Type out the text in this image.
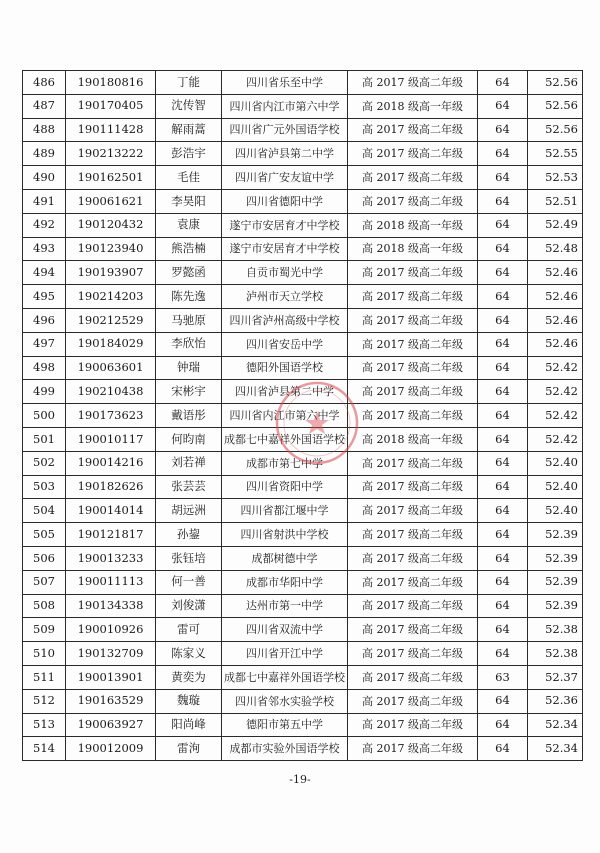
486	190180816	丁能	四川省乐至中学	高 2017 级高二年级	64	52.56
487	190170405	沈传智	四川省内江市第六中学	高 2018 级高一年级	64	52.56
488	190111428	解雨蒿	四川省广元外国语学校	高 2017 级高二年级	64	52.56
489	190213222	彭浩宇	四川省泸县第二中学	高 2017 级高二年级	64	52.55
490	190162501	毛佳	四川省广安友谊中学	高 2017 级高二年级	64	52.53
491	190061621	李昊阳	四川省德阳中学	高 2017 级高二年级	64	52.51
492	190120432	袁康	遂宁市安居育才中学校	高 2018 级高一年级	64	52.49
493	190123940	熊浩楠	遂宁市安居育才中学校	高 2018 级高一年级	64	52.48
494	190193907	罗懿函	自贡市蜀光中学	高 2017 级高二年级	64	52.46
495	190214203	陈先逸	泸州市天立学校	高 2017 级高二年级	64	52.46
496	190212529	马驰原	四川省泸州高级中学校	高 2017 级高二年级	64	52.46
497	190184029	李欣怡	四川省安岳中学	高 2017 级高二年级	64	52.46
498	190063601	钟瑞	德阳外国语学校	高 2017 级高二年级	64	52.42
499	190210438	宋彬宇	四川省泸县第二中学	高 2017 级高二年级	64	52.42
500	190173623	戴语彤	四川省内江市第六中学	高 2017 级高二年级	64	52.42
501	190010117	何昀南	成都七中嘉祥外国语学校	高 2018 级高一年级	64	52.42
502	190014216	刘若禅	成都市第七中学	高 2017 级高二年级	64	52.40
503	190182626	张芸芸	四川省资阳中学	高 2017 级高二年级	64	52.40
504	190014014	胡远洲	四川省都江堰中学	高 2017 级高二年级	64	52.40
505	190121817	孙鋆	四川省射洪中学校	高 2017 级高二年级	64	52.39
506	190013233	张钰培	成都树德中学	高 2017 级高二年级	64	52.39
507	190011113	何一善	成都市华阳中学	高 2017 级高二年级	64	52.39
508	190134338	刘俊潇	达州市第一中学	高 2017 级高二年级	64	52.39
509	190010926	雷可	四川省双流中学	高 2017 级高二年级	64	52.38
510	190132709	陈家义	四川省开江中学	高 2017 级高二年级	64	52.38
511	190013901	黄奕为	成都七中嘉祥外国语学校	高 2017 级高二年级	63	52.37
512	190163529	魏璇	四川省邻水实验学校	高 2017 级高二年级	64	52.36
513	190063927	阳尚峰	德阳市第五中学	高 2017 级高二年级	64	52.34
514	190012009	雷洵	成都市实验外国语学校	高 2017 级高二年级	64	52.34
-19-
